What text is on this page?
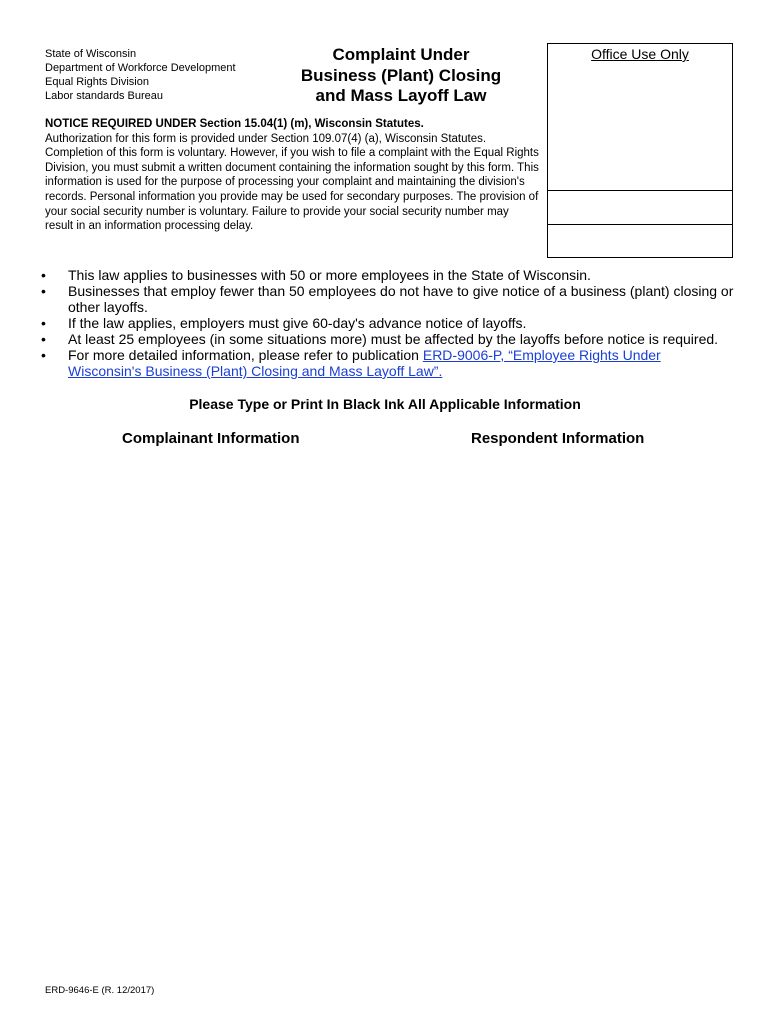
State of Wisconsin
Department of Workforce Development
Equal Rights Division
Labor standards Bureau
Complaint Under
Business (Plant) Closing
and Mass Layoff Law
Office Use Only
NOTICE REQUIRED UNDER Section 15.04(1) (m), Wisconsin Statutes.
Authorization for this form is provided under Section 109.07(4) (a), Wisconsin Statutes. Completion of this form is voluntary. However, if you wish to file a complaint with the Equal Rights Division, you must submit a written document containing the information sought by this form. This information is used for the purpose of processing your complaint and maintaining the division's records. Personal information you provide may be used for secondary purposes. The provision of your social security number is voluntary. Failure to provide your social security number may result in an information processing delay.
• This law applies to businesses with 50 or more employees in the State of Wisconsin.
• Businesses that employ fewer than 50 employees do not have to give notice of a business (plant) closing or other layoffs.
• If the law applies, employers must give 60-day's advance notice of layoffs.
• At least 25 employees (in some situations more) must be affected by the layoffs before notice is required.
• For more detailed information, please refer to publication ERD-9006-P, “Employee Rights Under Wisconsin's Business (Plant) Closing and Mass Layoff Law”.
Please Type or Print In Black Ink All Applicable Information
Complainant Information	Respondent Information
ERD-9646-E (R. 12/2017)
